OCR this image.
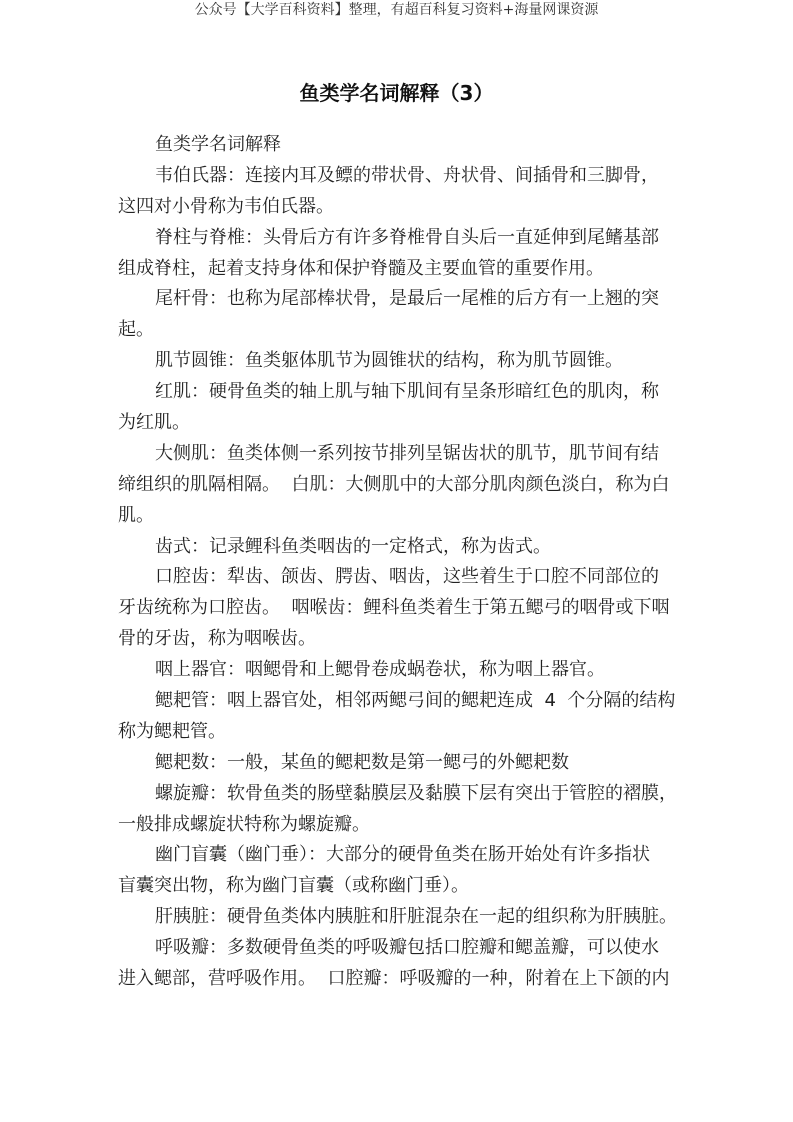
公众号【大学百科资料】整理，有超百科复习资料+海量网课资源
鱼类学名词解释（3）
鱼类学名词解释
韦伯氏器：连接内耳及鳔的带状骨、舟状骨、间插骨和三脚骨，
这四对小骨称为韦伯氏器。
脊柱与脊椎：头骨后方有许多脊椎骨自头后一直延伸到尾鳍基部
组成脊柱，起着支持身体和保护脊髓及主要血管的重要作用。
尾杆骨：也称为尾部棒状骨，是最后一尾椎的后方有一上翘的突
起。
肌节圆锥：鱼类躯体肌节为圆锥状的结构，称为肌节圆锥。
红肌：硬骨鱼类的轴上肌与轴下肌间有呈条形暗红色的肌肉，称
为红肌。
大侧肌：鱼类体侧一系列按节排列呈锯齿状的肌节，肌节间有结
缔组织的肌隔相隔。  白肌：大侧肌中的大部分肌肉颜色淡白，称为白
肌。
齿式：记录鲤科鱼类咽齿的一定格式，称为齿式。
口腔齿：犁齿、颌齿、腭齿、咽齿，这些着生于口腔不同部位的
牙齿统称为口腔齿。  咽喉齿：鲤科鱼类着生于第五鳃弓的咽骨或下咽
骨的牙齿，称为咽喉齿。
咽上器官：咽鳃骨和上鳃骨卷成蜗卷状，称为咽上器官。
鳃耙管：咽上器官处，相邻两鳃弓间的鳃耙连成  4  个分隔的结构
称为鳃耙管。
鳃耙数：一般，某鱼的鳃耙数是第一鳃弓的外鳃耙数
螺旋瓣：软骨鱼类的肠壁黏膜层及黏膜下层有突出于管腔的褶膜，
一般排成螺旋状特称为螺旋瓣。
幽门盲囊（幽门垂）：大部分的硬骨鱼类在肠开始处有许多指状
盲囊突出物，称为幽门盲囊（或称幽门垂）。
肝胰脏：硬骨鱼类体内胰脏和肝脏混杂在一起的组织称为肝胰脏。
呼吸瓣：多数硬骨鱼类的呼吸瓣包括口腔瓣和鳃盖瓣，可以使水
进入鳃部，营呼吸作用。  口腔瓣：呼吸瓣的一种，附着在上下颌的内
